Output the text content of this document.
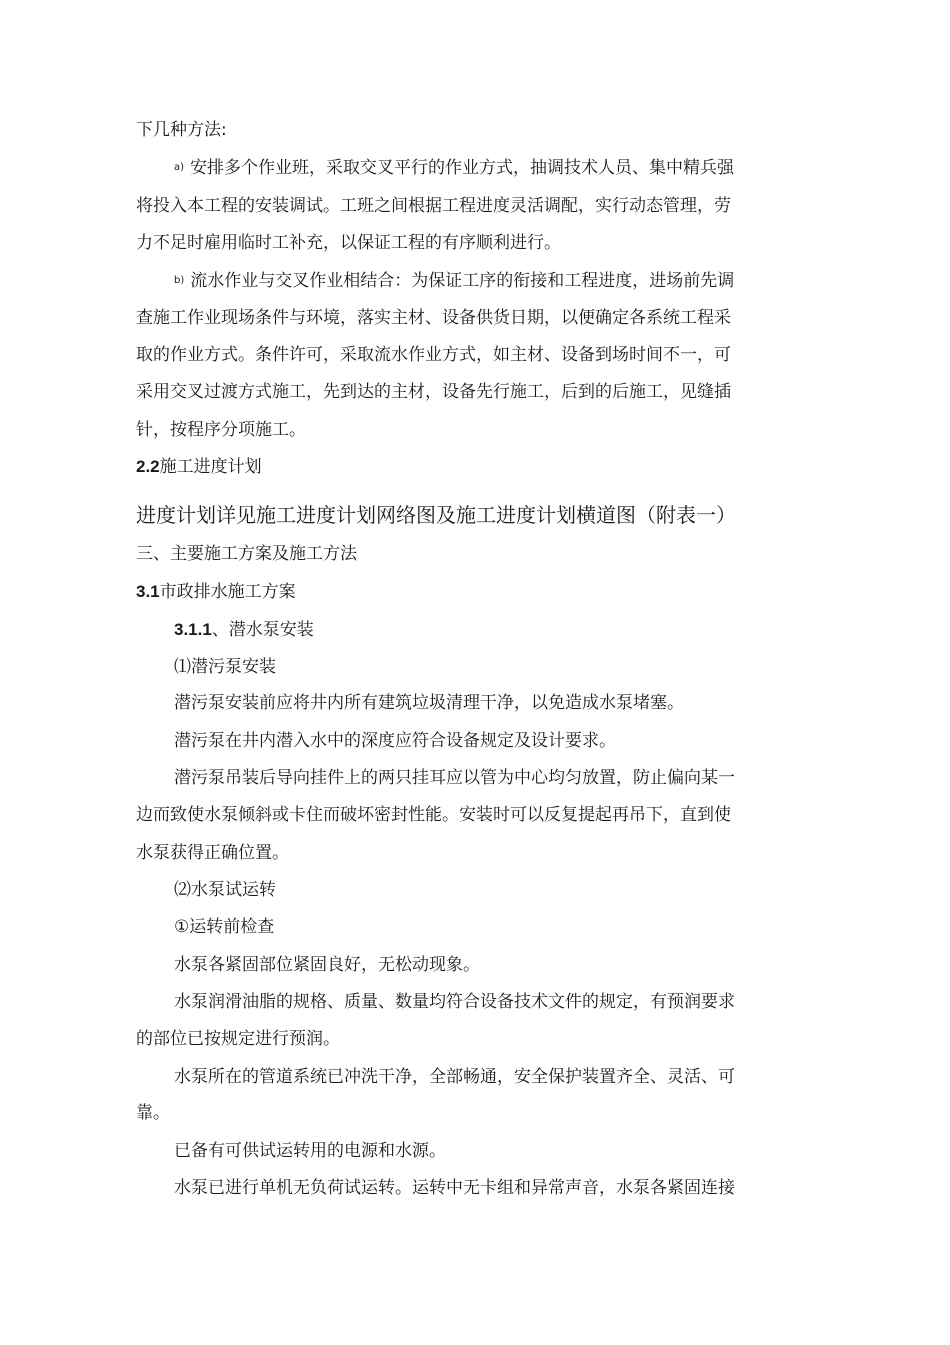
下几种方法:
a) 安排多个作业班，采取交叉平行的作业方式，抽调技术人员、集中精兵强
将投入本工程的安装调试。工班之间根据工程进度灵活调配，实行动态管理，劳
力不足时雇用临时工补充，以保证工程的有序顺利进行。
b) 流水作业与交叉作业相结合：为保证工序的衔接和工程进度，进场前先调
查施工作业现场条件与环境，落实主材、设备供货日期，以便确定各系统工程采
取的作业方式。条件许可，采取流水作业方式，如主材、设备到场时间不一，可
采用交叉过渡方式施工，先到达的主材，设备先行施工，后到的后施工，见缝插
针，按程序分项施工。
2.2施工进度计划
进度计划详见施工进度计划网络图及施工进度计划横道图（附表一）
三、主要施工方案及施工方法
3.1市政排水施工方案
3.1.1、潜水泵安装
⑴潜污泵安装
潜污泵安装前应将井内所有建筑垃圾清理干净，以免造成水泵堵塞。
潜污泵在井内潜入水中的深度应符合设备规定及设计要求。
潜污泵吊装后导向挂件上的两只挂耳应以管为中心均匀放置，防止偏向某一
边而致使水泵倾斜或卡住而破坏密封性能。安装时可以反复提起再吊下，直到使
水泵获得正确位置。
⑵水泵试运转
①运转前检查
水泵各紧固部位紧固良好，无松动现象。
水泵润滑油脂的规格、质量、数量均符合设备技术文件的规定，有预润要求
的部位已按规定进行预润。
水泵所在的管道系统已冲洗干净，全部畅通，安全保护装置齐全、灵活、可
靠。
已备有可供试运转用的电源和水源。
水泵已进行单机无负荷试运转。运转中无卡组和异常声音，水泵各紧固连接
